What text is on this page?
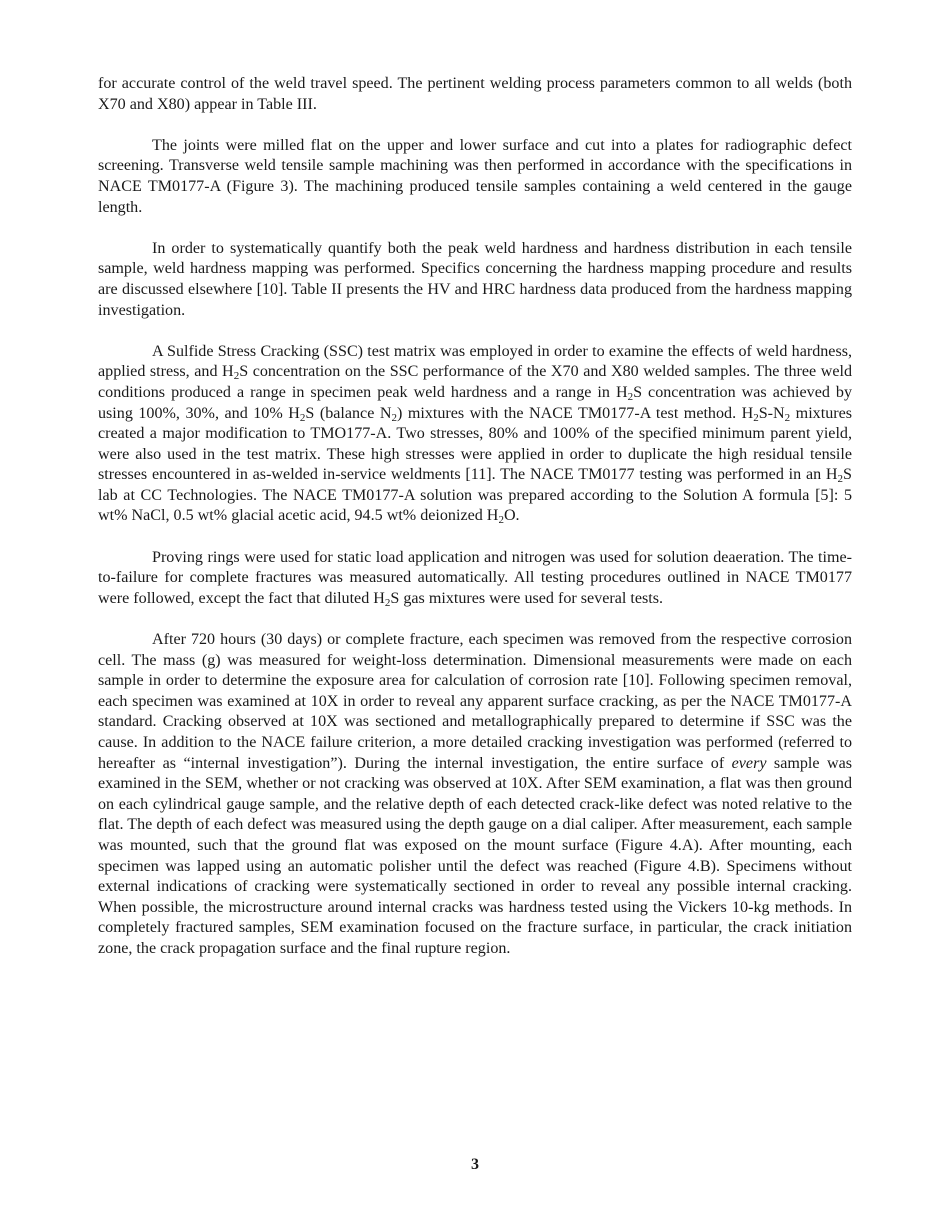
for accurate control of the weld travel speed. The pertinent welding process parameters common to all welds (both X70 and X80) appear in Table III.

The joints were milled flat on the upper and lower surface and cut into a plates for radiographic defect screening. Transverse weld tensile sample machining was then performed in accordance with the specifications in NACE TM0177-A (Figure 3). The machining produced tensile samples containing a weld centered in the gauge length.

In order to systematically quantify both the peak weld hardness and hardness distribution in each tensile sample, weld hardness mapping was performed. Specifics concerning the hardness mapping procedure and results are discussed elsewhere [10]. Table II presents the HV and HRC hardness data produced from the hardness mapping investigation.

A Sulfide Stress Cracking (SSC) test matrix was employed in order to examine the effects of weld hardness, applied stress, and $H_2S$ concentration on the SSC performance of the X70 and X80 welded samples. The three weld conditions produced a range in specimen peak weld hardness and a range in $H_2S$ concentration was achieved by using 100%, 30%, and 10% $H_2S$ (balance $N_2$) mixtures with the NACE TM0177-A test method. $H_2S-N_2$ mixtures created a major modification to TMO177-A. Two stresses, 80% and 100% of the specified minimum parent yield, were also used in the test matrix. These high stresses were applied in order to duplicate the high residual tensile stresses encountered in as-welded in-service weldments [11]. The NACE TM0177 testing was performed in an $H_2S$ lab at CC Technologies. The NACE TM0177-A solution was prepared according to the Solution A formula [5]: 5 wt% NaCl, 0.5 wt% glacial acetic acid, 94.5 wt% deionized $H_2O$.

Proving rings were used for static load application and nitrogen was used for solution deaeration. The time-to-failure for complete fractures was measured automatically. All testing procedures outlined in NACE TM0177 were followed, except the fact that diluted $H_2S$ gas mixtures were used for several tests.

After 720 hours (30 days) or complete fracture, each specimen was removed from the respective corrosion cell. The mass (g) was measured for weight-loss determination. Dimensional measurements were made on each sample in order to determine the exposure area for calculation of corrosion rate [10]. Following specimen removal, each specimen was examined at 10X in order to reveal any apparent surface cracking, as per the NACE TM0177-A standard. Cracking observed at 10X was sectioned and metallographically prepared to determine if SSC was the cause. In addition to the NACE failure criterion, a more detailed cracking investigation was performed (referred to hereafter as “internal investigation”). During the internal investigation, the entire surface of every sample was examined in the SEM, whether or not cracking was observed at 10X. After SEM examination, a flat was then ground on each cylindrical gauge sample, and the relative depth of each detected crack-like defect was noted relative to the flat. The depth of each defect was measured using the depth gauge on a dial caliper. After measurement, each sample was mounted, such that the ground flat was exposed on the mount surface (Figure 4.A). After mounting, each specimen was lapped using an automatic polisher until the defect was reached (Figure 4.B). Specimens without external indications of cracking were systematically sectioned in order to reveal any possible internal cracking. When possible, the microstructure around internal cracks was hardness tested using the Vickers 10-kg methods. In completely fractured samples, SEM examination focused on the fracture surface, in particular, the crack initiation zone, the crack propagation surface and the final rupture region.

3
